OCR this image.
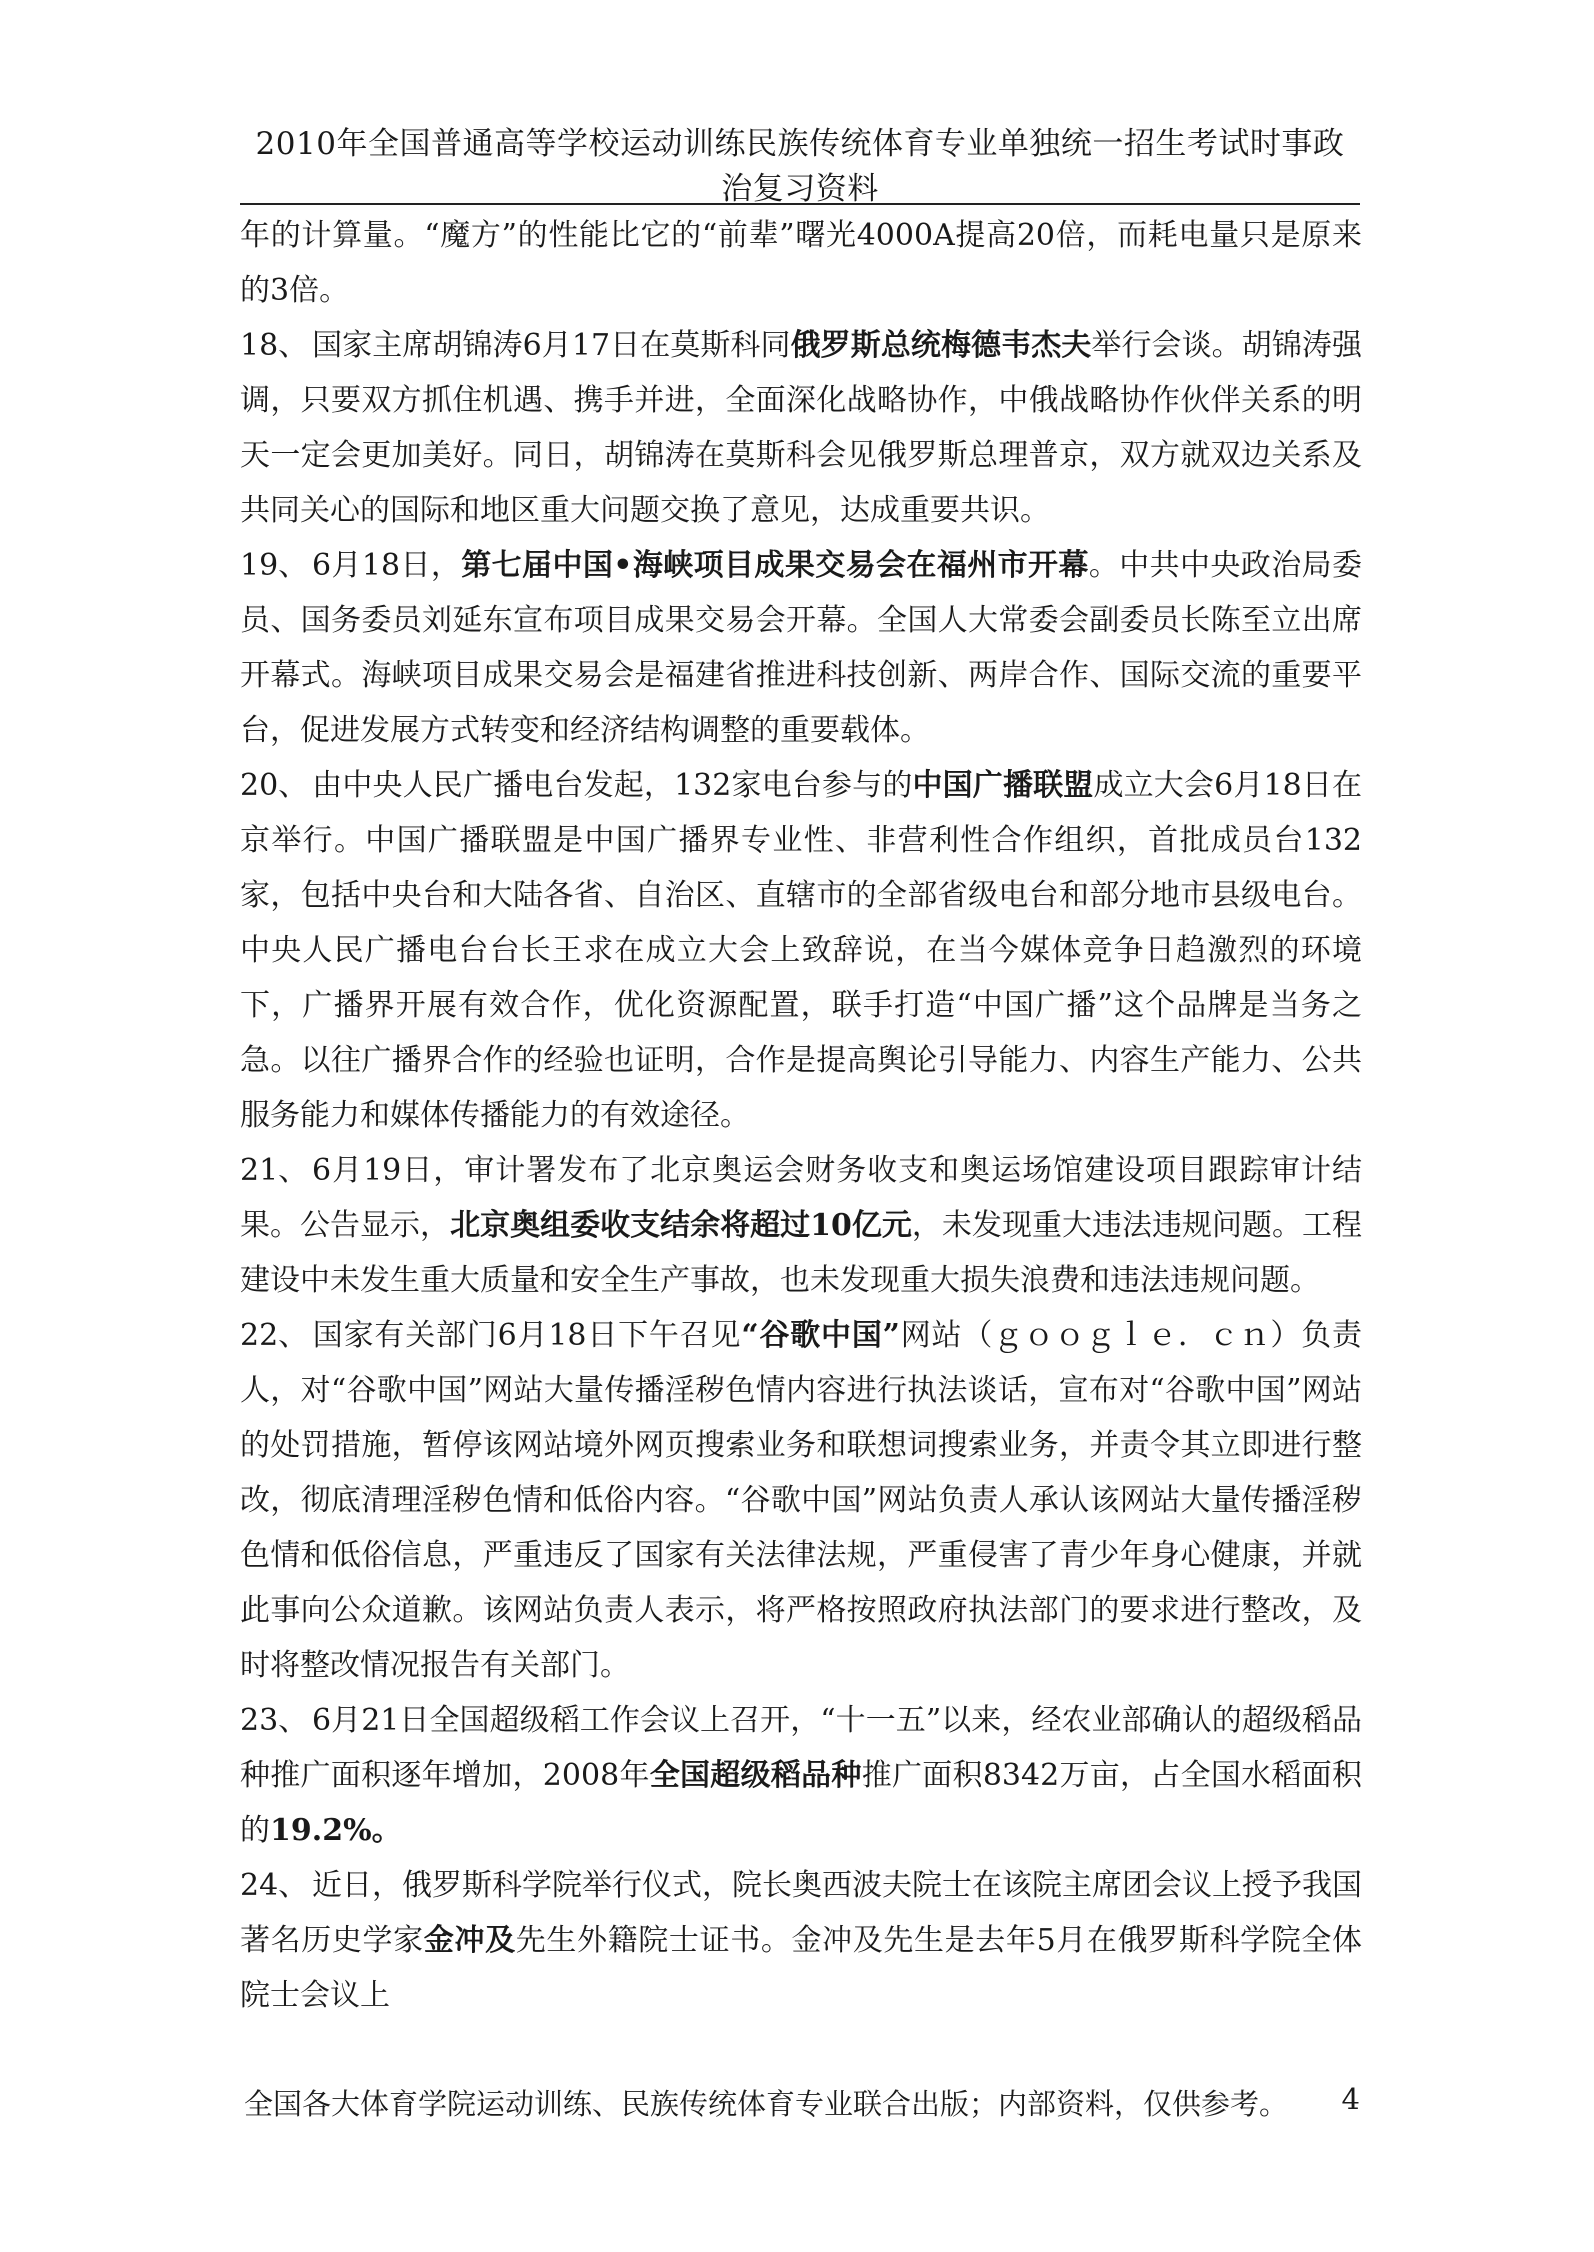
2010年全国普通高等学校运动训练民族传统体育专业单独统一招生考试时事政治复习资料

年的计算量。“魔方”的性能比它的“前辈”曙光4000A提高20倍，而耗电量只是原来的3倍。

18、 国家主席胡锦涛6月17日在莫斯科同俄罗斯总统梅德韦杰夫举行会谈。胡锦涛强调，只要双方抓住机遇、携手并进，全面深化战略协作，中俄战略协作伙伴关系的明天一定会更加美好。同日，胡锦涛在莫斯科会见俄罗斯总理普京，双方就双边关系及共同关心的国际和地区重大问题交换了意见，达成重要共识。

19、 6月18日，第七届中国•海峡项目成果交易会在福州市开幕。中共中央政治局委员、国务委员刘延东宣布项目成果交易会开幕。全国人大常委会副委员长陈至立出席开幕式。海峡项目成果交易会是福建省推进科技创新、两岸合作、国际交流的重要平台，促进发展方式转变和经济结构调整的重要载体。

20、 由中央人民广播电台发起，132家电台参与的中国广播联盟成立大会6月18日在京举行。中国广播联盟是中国广播界专业性、非营利性合作组织，首批成员台132家，包括中央台和大陆各省、自治区、直辖市的全部省级电台和部分地市县级电台。中央人民广播电台台长王求在成立大会上致辞说，在当今媒体竞争日趋激烈的环境下，广播界开展有效合作，优化资源配置，联手打造“中国广播”这个品牌是当务之急。以往广播界合作的经验也证明，合作是提高舆论引导能力、内容生产能力、公共服务能力和媒体传播能力的有效途径。

21、 6月19日，审计署发布了北京奥运会财务收支和奥运场馆建设项目跟踪审计结果。公告显示，北京奥组委收支结余将超过10亿元，未发现重大违法违规问题。工程建设中未发生重大质量和安全生产事故，也未发现重大损失浪费和违法违规问题。

22、 国家有关部门6月18日下午召见“谷歌中国”网站（ｇｏｏｇｌｅ．ｃｎ）负责人，对“谷歌中国”网站大量传播淫秽色情内容进行执法谈话，宣布对“谷歌中国”网站的处罚措施，暂停该网站境外网页搜索业务和联想词搜索业务，并责令其立即进行整改，彻底清理淫秽色情和低俗内容。“谷歌中国”网站负责人承认该网站大量传播淫秽色情和低俗信息，严重违反了国家有关法律法规，严重侵害了青少年身心健康，并就此事向公众道歉。该网站负责人表示，将严格按照政府执法部门的要求进行整改，及时将整改情况报告有关部门。

23、 6月21日全国超级稻工作会议上召开，“十一五”以来，经农业部确认的超级稻品种推广面积逐年增加，2008年全国超级稻品种推广面积8342万亩，占全国水稻面积的19.2%。

24、 近日，俄罗斯科学院举行仪式，院长奥西波夫院士在该院主席团会议上授予我国著名历史学家金冲及先生外籍院士证书。金冲及先生是去年5月在俄罗斯科学院全体院士会议上

全国各大体育学院运动训练、民族传统体育专业联合出版；内部资料，仅供参考。 4
